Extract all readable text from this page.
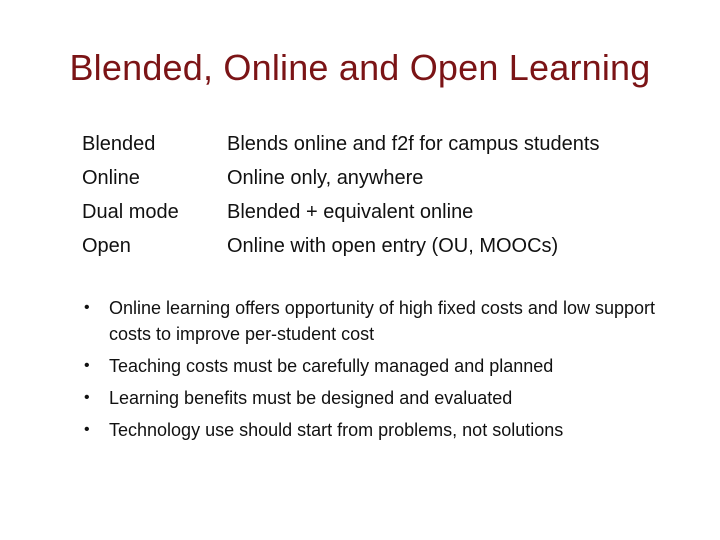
Blended, Online and Open Learning
Blended	Blends online and f2f for campus students
Online	Online only, anywhere
Dual mode	Blended + equivalent online
Open	Online with open entry (OU, MOOCs)
•	Online learning offers opportunity of high fixed costs and low support costs to improve per-student cost
•	Teaching costs must be carefully managed and planned
•	Learning benefits must be designed and evaluated
•	Technology use should start from problems, not solutions
